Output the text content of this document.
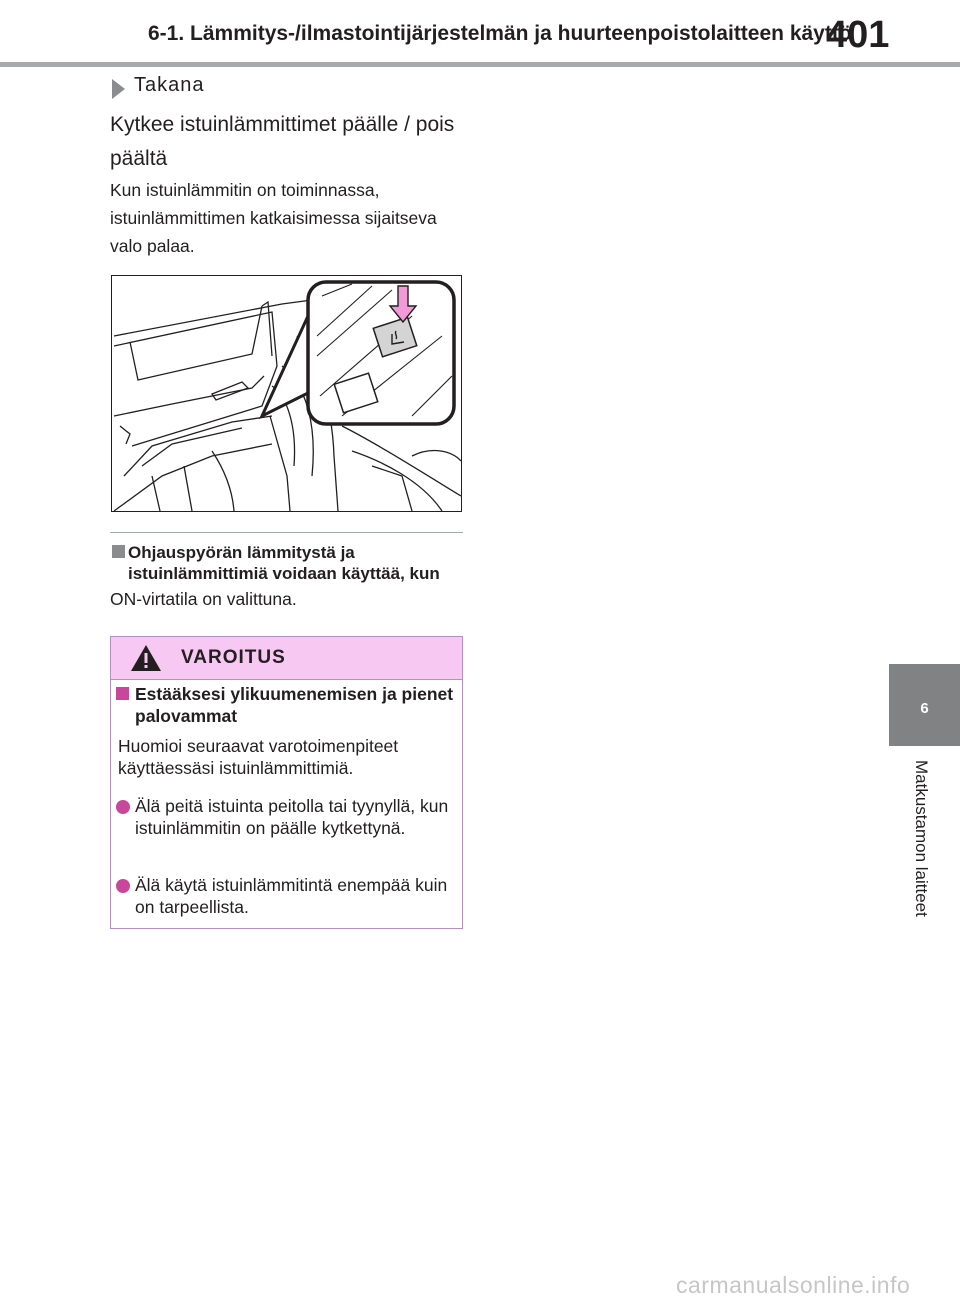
6-1. Lämmitys-/ilmastointijärjestelmän ja huurteenpoistolaitteen käyttö
401
Takana
Kytkee istuinlämmittimet päälle / pois päältä
Kun istuinlämmitin on toiminnassa, istuinlämmittimen katkaisimessa sijaitseva valo palaa.
Ohjauspyörän lämmitystä ja istuinlämmittimiä voidaan käyttää, kun
ON-virtatila on valittuna.
VAROITUS
Estääksesi ylikuumenemisen ja pienet palovammat
Huomioi seuraavat varotoimenpiteet käyttäessäsi istuinlämmittimiä.
Älä peitä istuinta peitolla tai tyynyllä, kun istuinlämmitin on päälle kytkettynä.
Älä käytä istuinlämmitintä enempää kuin on tarpeellista.
6
Matkustamon laitteet
carmanualsonline.info
